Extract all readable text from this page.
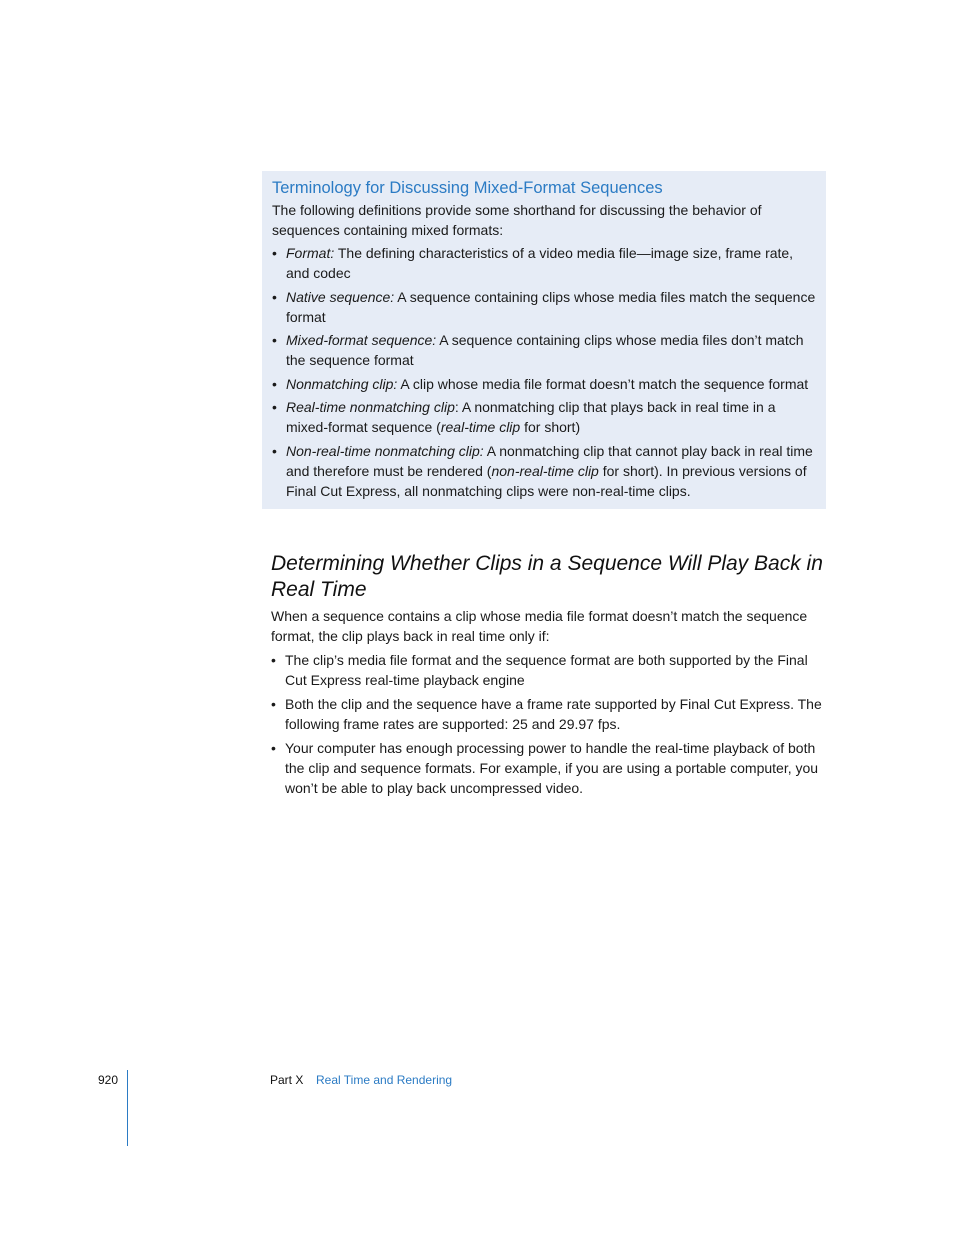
Terminology for Discussing Mixed-Format Sequences

The following definitions provide some shorthand for discussing the behavior of sequences containing mixed formats:

• Format: The defining characteristics of a video media file—image size, frame rate, and codec
• Native sequence: A sequence containing clips whose media files match the sequence format
• Mixed-format sequence: A sequence containing clips whose media files don’t match the sequence format
• Nonmatching clip: A clip whose media file format doesn’t match the sequence format
• Real-time nonmatching clip: A nonmatching clip that plays back in real time in a mixed-format sequence (real-time clip for short)
• Non-real-time nonmatching clip: A nonmatching clip that cannot play back in real time and therefore must be rendered (non-real-time clip for short). In previous versions of Final Cut Express, all nonmatching clips were non-real-time clips.
Determining Whether Clips in a Sequence Will Play Back in Real Time

When a sequence contains a clip whose media file format doesn’t match the sequence format, the clip plays back in real time only if:

• The clip’s media file format and the sequence format are both supported by the Final Cut Express real-time playback engine
• Both the clip and the sequence have a frame rate supported by Final Cut Express. The following frame rates are supported: 25 and 29.97 fps.
• Your computer has enough processing power to handle the real-time playback of both the clip and sequence formats. For example, if you are using a portable computer, you won’t be able to play back uncompressed video.
920	Part X Real Time and Rendering
